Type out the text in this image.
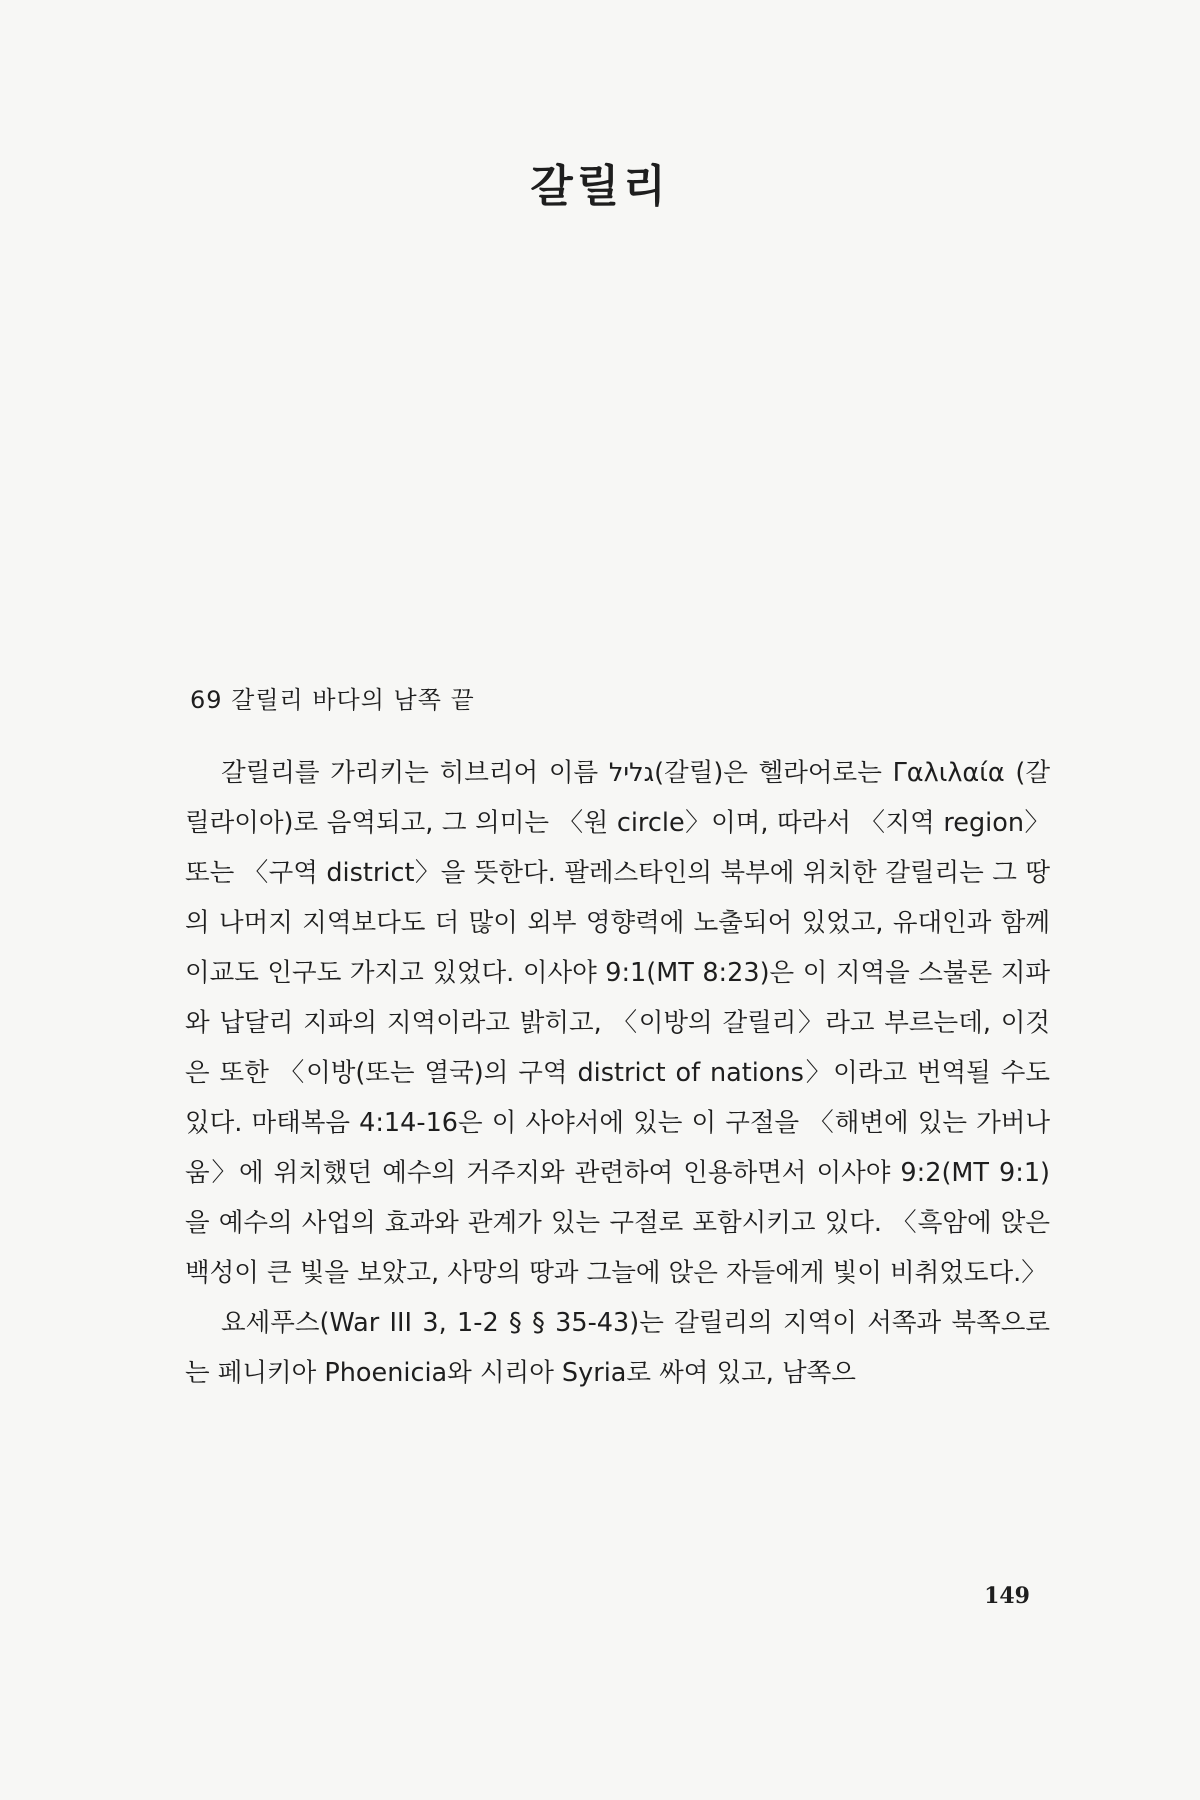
갈릴리

69 갈릴리 바다의 남쪽 끝

갈릴리를 가리키는 히브리어 이름 גליל(갈릴)은 헬라어로는 Γαλιλαία (갈릴라이아)로 음역되고, 그 의미는 〈원 circle〉이며, 따라서 〈지역 region〉 또는 〈구역 district〉을 뜻한다. 팔레스타인의 북부에 위치한 갈릴리는 그 땅의 나머지 지역보다도 더 많이 외부 영향력에 노출되어 있었고, 유대인과 함께 이교도 인구도 가지고 있었다. 이사야 9:1(MT 8:23)은 이 지역을 스불론 지파와 납달리 지파의 지역이라고 밝히고, 〈이방의 갈릴리〉라고 부르는데, 이것은 또한 〈이방(또는 열국)의 구역 district of nations〉이라고 번역될 수도 있다. 마태복음 4:14-16은 이 사야서에 있는 이 구절을 〈해변에 있는 가버나움〉에 위치했던 예수의 거주지와 관련하여 인용하면서 이사야 9:2(MT 9:1)을 예수의 사업의 효과와 관계가 있는 구절로 포함시키고 있다. 〈흑암에 앉은 백성이 큰 빛을 보았고, 사망의 땅과 그늘에 앉은 자들에게 빛이 비취었도다.〉

요세푸스(War III 3, 1-2 § § 35-43)는 갈릴리의 지역이 서쪽과 북쪽으로는 페니키아 Phoenicia와 시리아 Syria로 싸여 있고, 남쪽으

149
